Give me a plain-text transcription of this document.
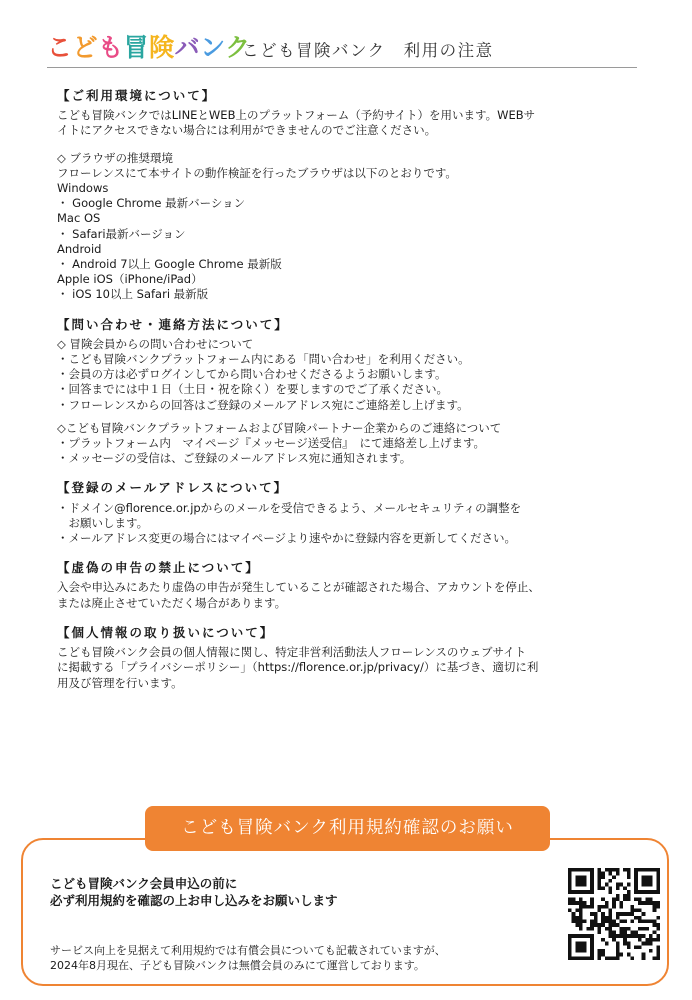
こども冒険バンク
こども冒険バンク　利用の注意
【ご利用環境について】

こども冒険バンクではLINEとWEB上のプラットフォーム（予約サイト）を用います。WEBサ
イトにアクセスできない場合には利用ができませんのでご注意ください。

◇ ブラウザの推奨環境
フローレンスにて本サイトの動作検証を行ったブラウザは以下のとおりです。
Windows
・ Google Chrome 最新バーション
Mac OS
・ Safari最新バージョン
Android
・ Android 7以上 Google Chrome 最新版
Apple iOS（iPhone/iPad）
・ iOS 10以上 Safari 最新版

【問い合わせ・連絡方法について】

◇ 冒険会員からの問い合わせについて
・こども冒険バンクプラットフォーム内にある「問い合わせ」を利用ください。
・会員の方は必ずログインしてから問い合わせくださるようお願いします。
・回答までには中１日（土日・祝を除く）を要しますのでご了承ください。
・フローレンスからの回答はご登録のメールアドレス宛にご連絡差し上げます。

◇こども冒険バンクプラットフォームおよび冒険パートナー企業からのご連絡について
・プラットフォーム内　マイページ『メッセージ送受信』　にて連絡差し上げます。
・メッセージの受信は、ご登録のメールアドレス宛に通知されます。

【登録のメールアドレスについて】

・ドメイン@florence.or.jpからのメールを受信できるよう、メールセキュリティの調整を
　お願いします。
・メールアドレス変更の場合にはマイページより速やかに登録内容を更新してください。

【虚偽の申告の禁止について】

入会や申込みにあたり虚偽の申告が発生していることが確認された場合、アカウントを停止、
または廃止させていただく場合があります。

【個人情報の取り扱いについて】

こども冒険バンク会員の個人情報に関し、特定非営利活動法人フローレンスのウェブサイト
に掲載する「プライバシーポリシー」（https://florence.or.jp/privacy/）に基づき、適切に利
用及び管理を行います。

こども冒険バンク利用規約確認のお願い
こども冒険バンク会員申込の前に
必ず利用規約を確認の上お申し込みをお願いします
サービス向上を見据えて利用規約では有償会員についても記載されていますが、
2024年8月現在、子ども冒険バンクは無償会員のみにて運営しております。
